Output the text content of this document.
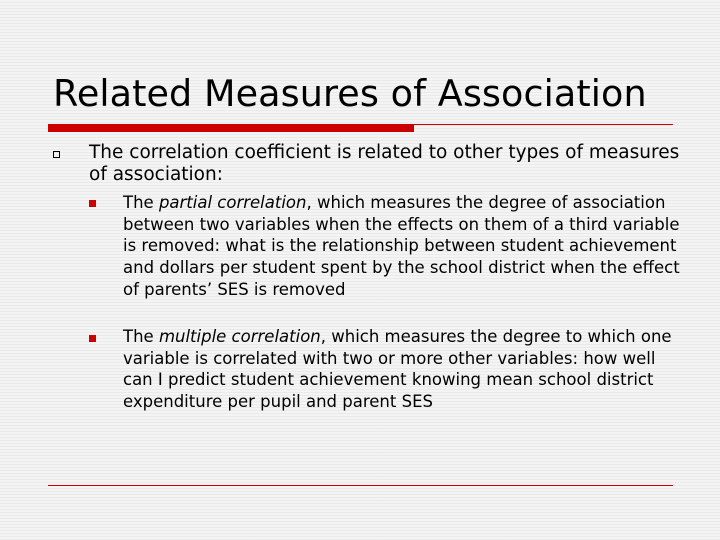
Related Measures of Association

The correlation coefficient is related to other types of measures of association:

The partial correlation, which measures the degree of association between two variables when the effects on them of a third variable is removed: what is the relationship between student achievement and dollars per student spent by the school district when the effect of parents’ SES is removed

The multiple correlation, which measures the degree to which one variable is correlated with two or more other variables: how well can I predict student achievement knowing mean school district expenditure per pupil and parent SES
